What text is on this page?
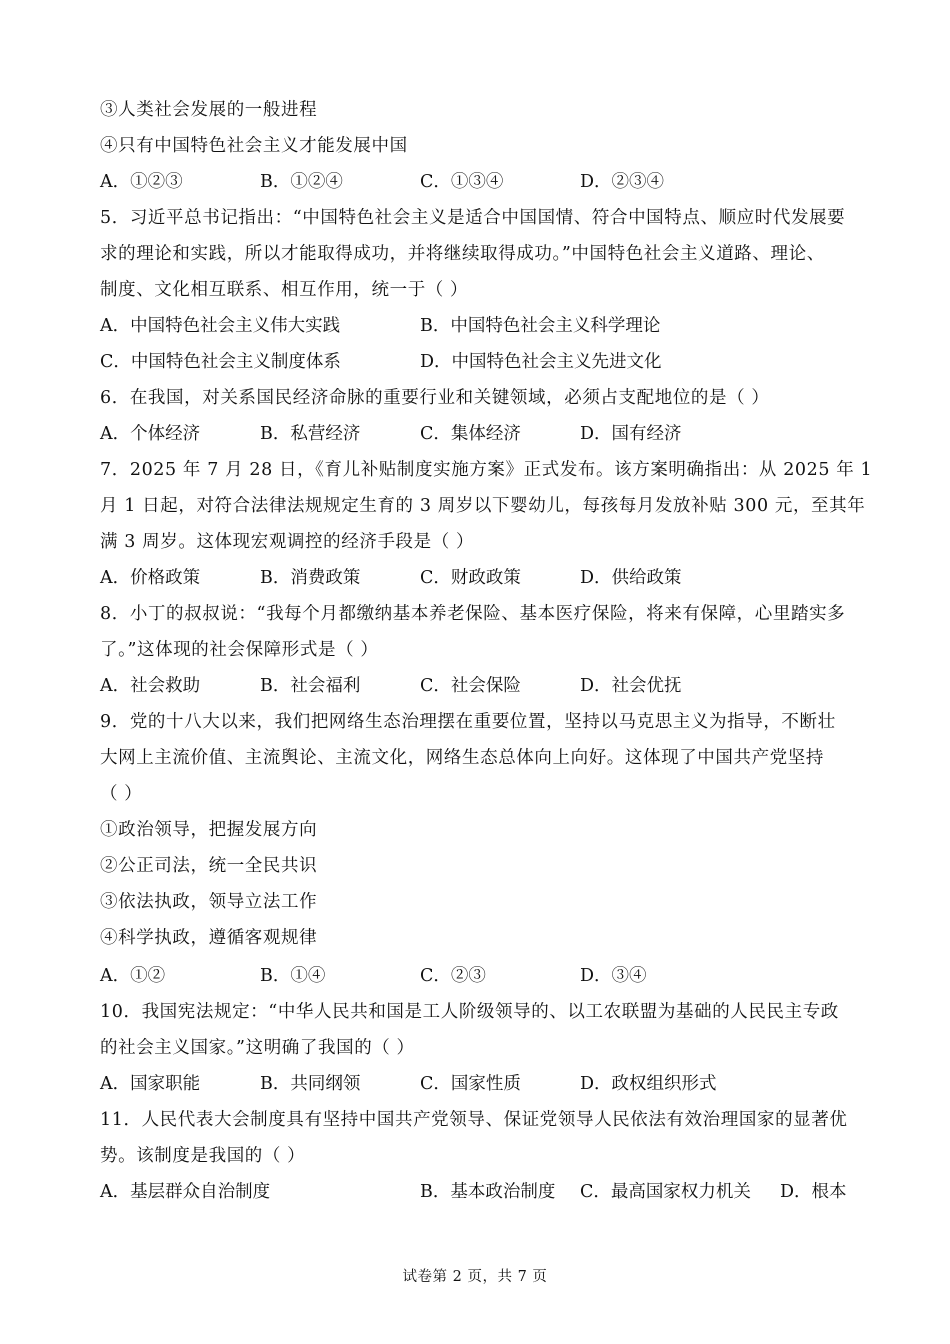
③人类社会发展的一般进程
④只有中国特色社会主义才能发展中国
A．①②③	B．①②④	C．①③④	D．②③④
5．习近平总书记指出：“中国特色社会主义是适合中国国情、符合中国特点、顺应时代发展要
求的理论和实践，所以才能取得成功，并将继续取得成功。”中国特色社会主义道路、理论、
制度、文化相互联系、相互作用，统一于（ ）
A．中国特色社会主义伟大实践	B．中国特色社会主义科学理论
C．中国特色社会主义制度体系	D．中国特色社会主义先进文化
6．在我国，对关系国民经济命脉的重要行业和关键领域，必须占支配地位的是（ ）
A．个体经济	B．私营经济	C．集体经济	D．国有经济
7．2025 年 7 月 28 日，《育儿补贴制度实施方案》正式发布。该方案明确指出：从 2025 年 1
月 1 日起，对符合法律法规规定生育的 3 周岁以下婴幼儿，每孩每月发放补贴 300 元，至其年
满 3 周岁。这体现宏观调控的经济手段是（ ）
A．价格政策	B．消费政策	C．财政政策	D．供给政策
8．小丁的叔叔说：“我每个月都缴纳基本养老保险、基本医疗保险，将来有保障，心里踏实多
了。”这体现的社会保障形式是（ ）
A．社会救助	B．社会福利	C．社会保险	D．社会优抚
9．党的十八大以来，我们把网络生态治理摆在重要位置，坚持以马克思主义为指导，不断壮
大网上主流价值、主流舆论、主流文化，网络生态总体向上向好。这体现了中国共产党坚持
（ ）
①政治领导，把握发展方向
②公正司法，统一全民共识
③依法执政，领导立法工作
④科学执政，遵循客观规律
A．①②	B．①④	C．②③	D．③④
10．我国宪法规定：“中华人民共和国是工人阶级领导的、以工农联盟为基础的人民民主专政
的社会主义国家。”这明确了我国的（ ）
A．国家职能	B．共同纲领	C．国家性质	D．政权组织形式
11．人民代表大会制度具有坚持中国共产党领导、保证党领导人民依法有效治理国家的显著优
势。该制度是我国的（ ）
A．基层群众自治制度	B．基本政治制度 C．最高国家权力机关 D．根本
试卷第 2 页，共 7 页
